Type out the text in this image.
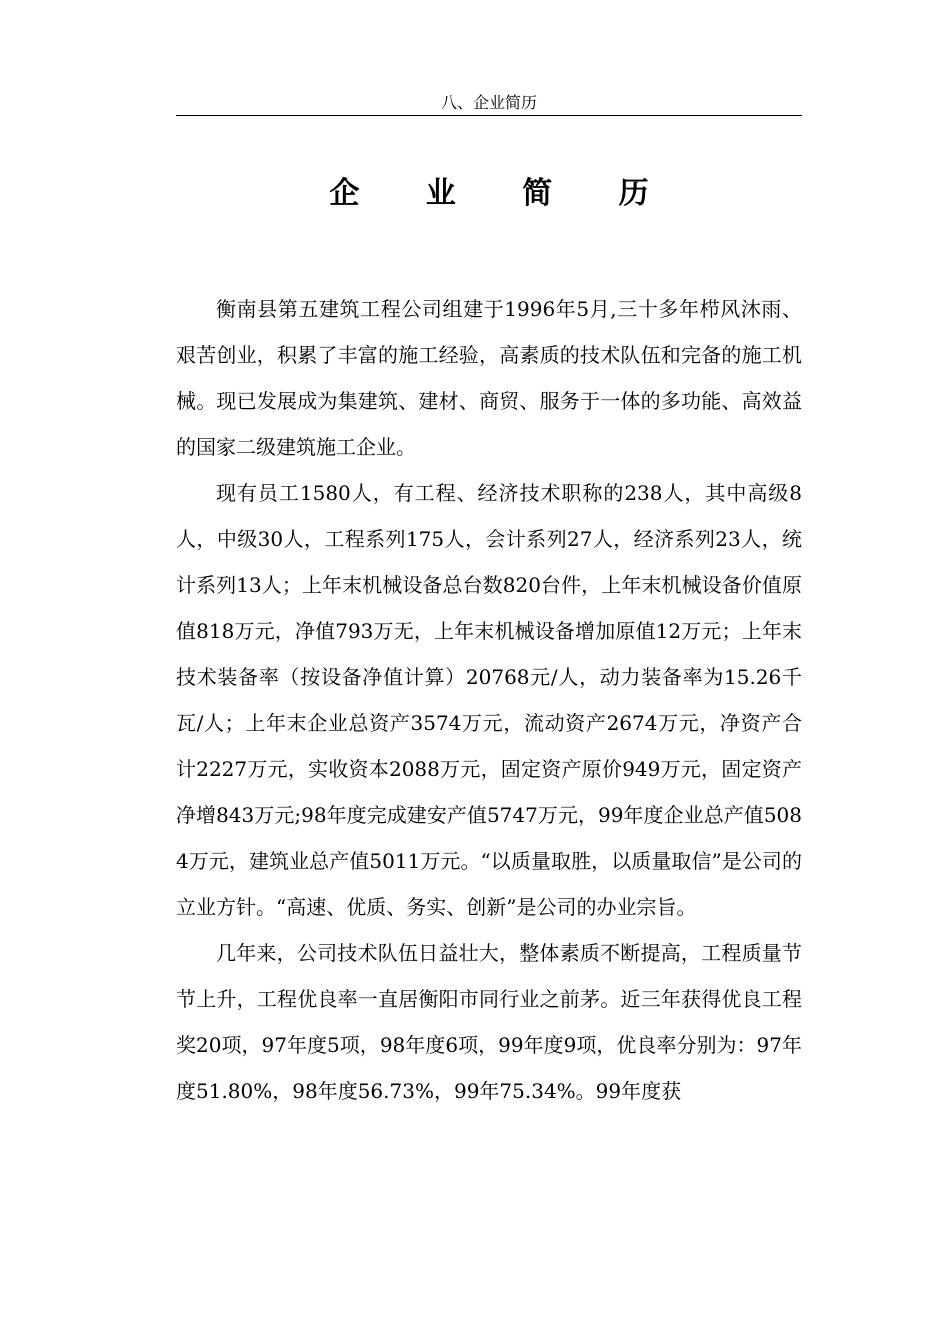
八、企业简历
企 业 简 历

衡南县第五建筑工程公司组建于1996年5月,三十多年栉风沐雨、艰苦创业，积累了丰富的施工经验，高素质的技术队伍和完备的施工机械。现已发展成为集建筑、建材、商贸、服务于一体的多功能、高效益的国家二级建筑施工企业。

现有员工1580人，有工程、经济技术职称的238人，其中高级8人，中级30人，工程系列175人，会计系列27人，经济系列23人，统计系列13人；上年末机械设备总台数820台件，上年末机械设备价值原值818万元，净值793万无，上年末机械设备增加原值12万元；上年末技术装备率（按设备净值计算）20768元/人，动力装备率为15.26千瓦/人；上年末企业总资产3574万元，流动资产2674万元，净资产合计2227万元，实收资本2088万元，固定资产原价949万元，固定资产净增843万元;98年度完成建安产值5747万元，99年度企业总产值5084万元，建筑业总产值5011万元。“以质量取胜，以质量取信”是公司的立业方针。“高速、优质、务实、创新”是公司的办业宗旨。

几年来，公司技术队伍日益壮大，整体素质不断提高，工程质量节节上升，工程优良率一直居衡阳市同行业之前茅。近三年获得优良工程奖20项，97年度5项，98年度6项，99年度9项，优良率分别为：97年度51.80%，98年度56.73%，99年75.34%。99年度获
